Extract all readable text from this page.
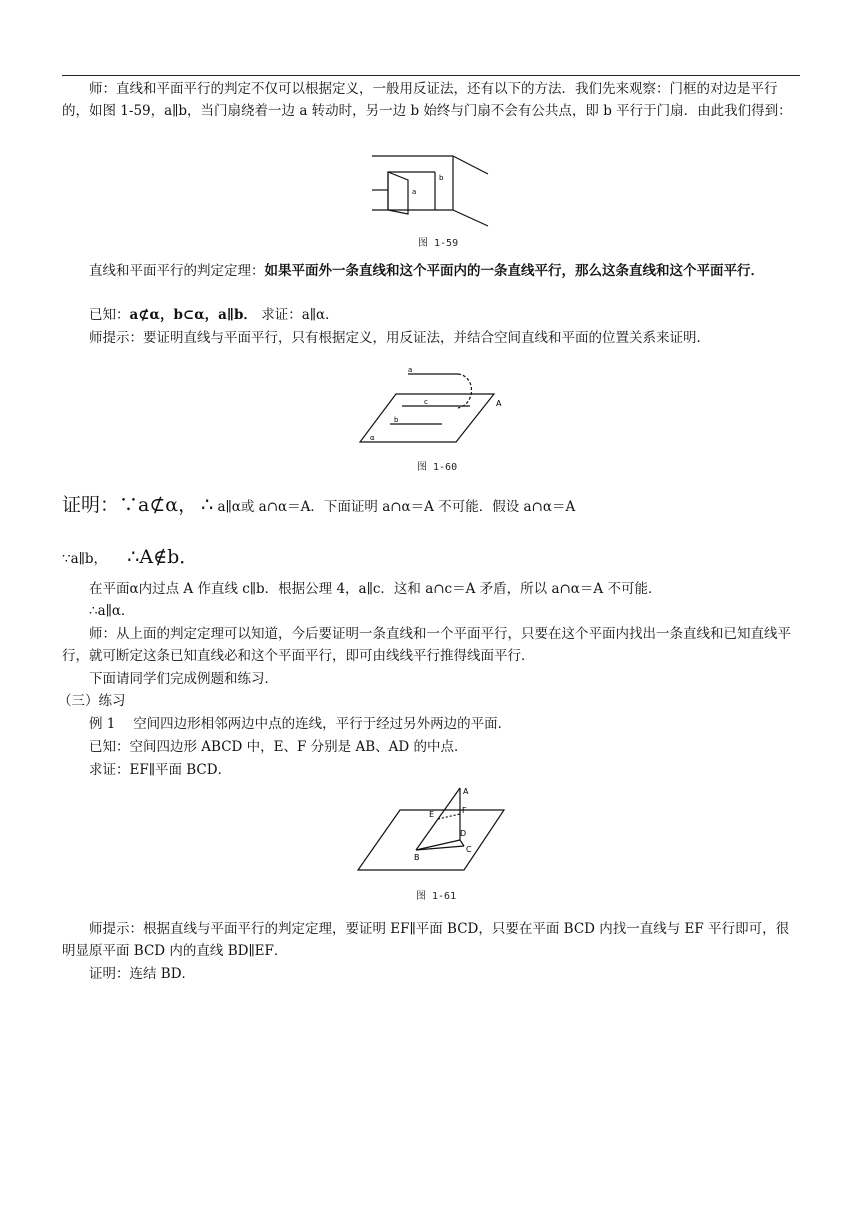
师：直线和平面平行的判定不仅可以根据定义，一般用反证法，还有以下的方法．我们先来观察：门框的对边是平行的，如图 1-59，a∥b，当门扇绕着一边 a 转动时，另一边 b 始终与门扇不会有公共点，即 b 平行于门扇．由此我们得到：

a
b
图 1-59

直线和平面平行的判定定理：如果平面外一条直线和这个平面内的一条直线平行，那么这条直线和这个平面平行．

已知：a⊄α，b⊂α，a∥b． 求证：a∥α．

师提示：要证明直线与平面平行，只有根据定义，用反证法，并结合空间直线和平面的位置关系来证明．

a
c
b
A
α
图 1-60

证明：∵a⊄α，　 ∴ a∥α或 a∩α＝A．下面证明 a∩α＝A 不可能．假设 a∩α＝A

∵a∥b，　　 ∴A∉b．

在平面α内过点 A 作直线 c∥b．根据公理 4，a∥c．这和 a∩c＝A 矛盾，所以 a∩α＝A 不可能．

∴a∥α．

师：从上面的判定定理可以知道，今后要证明一条直线和一个平面平行，只要在这个平面内找出一条直线和已知直线平行，就可断定这条已知直线必和这个平面平行，即可由线线平行推得线面平行．

下面请同学们完成例题和练习．

（三）练习

例 1　 空间四边形相邻两边中点的连线，平行于经过另外两边的平面．

已知：空间四边形 ABCD 中，E、F 分别是 AB、AD 的中点．

求证：EF∥平面 BCD．

A
F
E
D
C
B
图 1-61

师提示：根据直线与平面平行的判定定理，要证明 EF∥平面 BCD，只要在平面 BCD 内找一直线与 EF 平行即可，很明显原平面 BCD 内的直线 BD∥EF．

证明：连结 BD．
